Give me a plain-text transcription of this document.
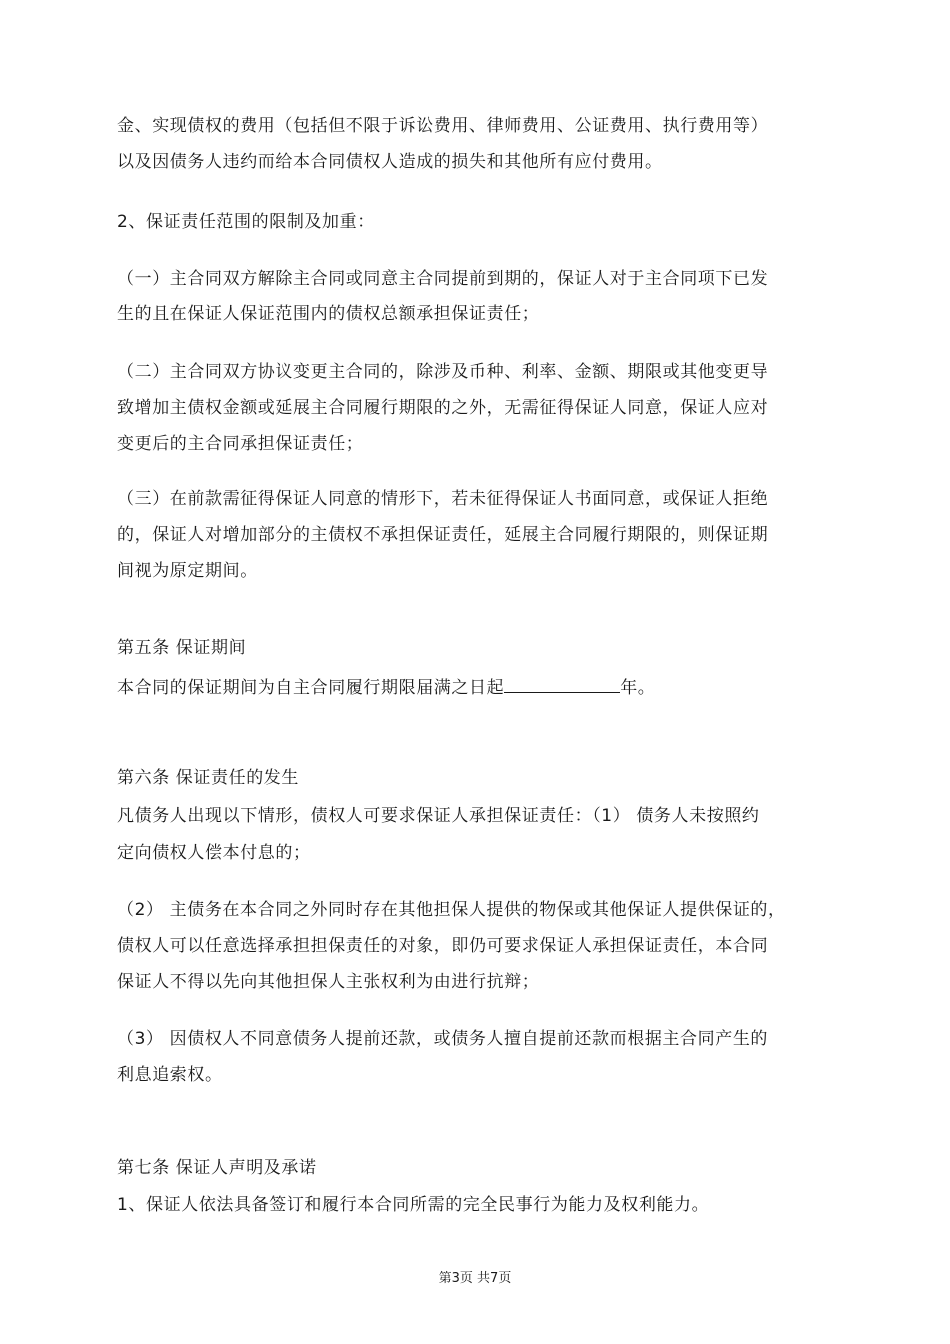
金、实现债权的费用（包括但不限于诉讼费用、律师费用、公证费用、执行费用等）
以及因债务人违约而给本合同债权人造成的损失和其他所有应付费用。
2、保证责任范围的限制及加重：
（一）主合同双方解除主合同或同意主合同提前到期的，保证人对于主合同项下已发
生的且在保证人保证范围内的债权总额承担保证责任；
（二）主合同双方协议变更主合同的，除涉及币种、利率、金额、期限或其他变更导
致增加主债权金额或延展主合同履行期限的之外，无需征得保证人同意，保证人应对
变更后的主合同承担保证责任；
（三）在前款需征得保证人同意的情形下，若未征得保证人书面同意，或保证人拒绝
的，保证人对增加部分的主债权不承担保证责任，延展主合同履行期限的，则保证期
间视为原定期间。
第五条 保证期间
本合同的保证期间为自主合同履行期限届满之日起	年。
第六条 保证责任的发生
凡债务人出现以下情形，债权人可要求保证人承担保证责任：（1） 债务人未按照约
定向债权人偿本付息的；
（2） 主债务在本合同之外同时存在其他担保人提供的物保或其他保证人提供保证的，
债权人可以任意选择承担担保责任的对象，即仍可要求保证人承担保证责任，本合同
保证人不得以先向其他担保人主张权利为由进行抗辩；
（3） 因债权人不同意债务人提前还款，或债务人擅自提前还款而根据主合同产生的
利息追索权。
第七条 保证人声明及承诺
1、保证人依法具备签订和履行本合同所需的完全民事行为能力及权利能力。
第3页 共7页
